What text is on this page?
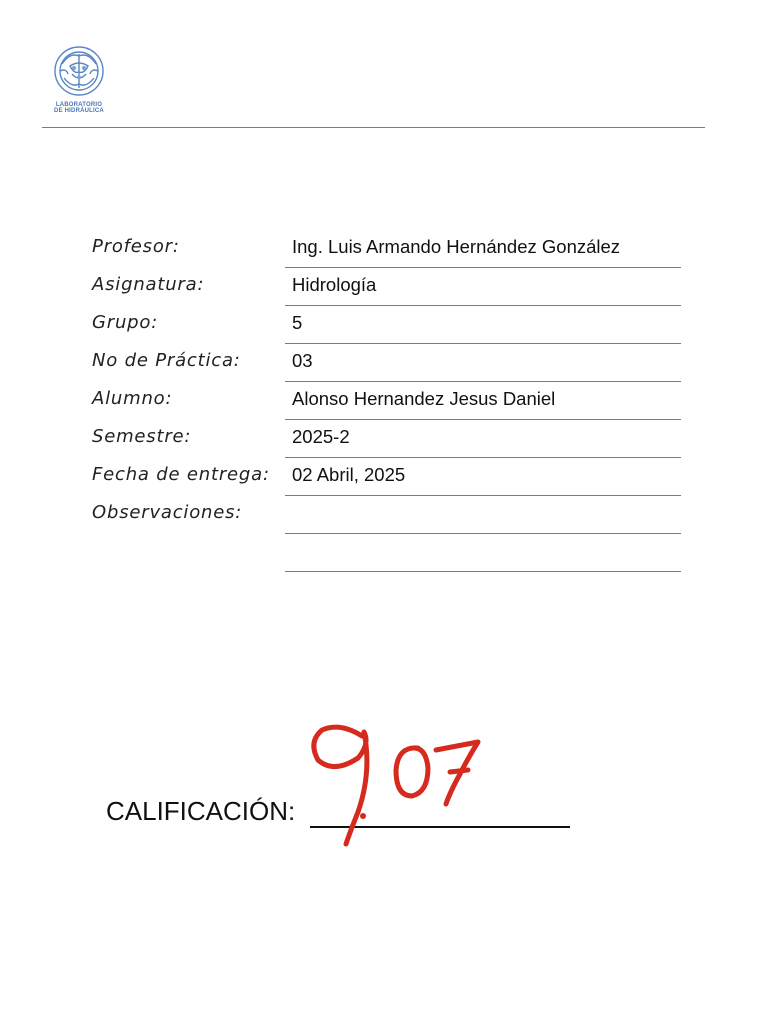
LABORATORIO
DE HIDRÁULICA
Profesor:	Ing. Luis Armando Hernández González
Asignatura:	Hidrología
Grupo:	5
No de Práctica:	03
Alumno:	Alonso Hernandez Jesus Daniel
Semestre:	2025-2
Fecha de entrega: 02 Abril, 2025
Observaciones:
CALIFICACIÓN:
